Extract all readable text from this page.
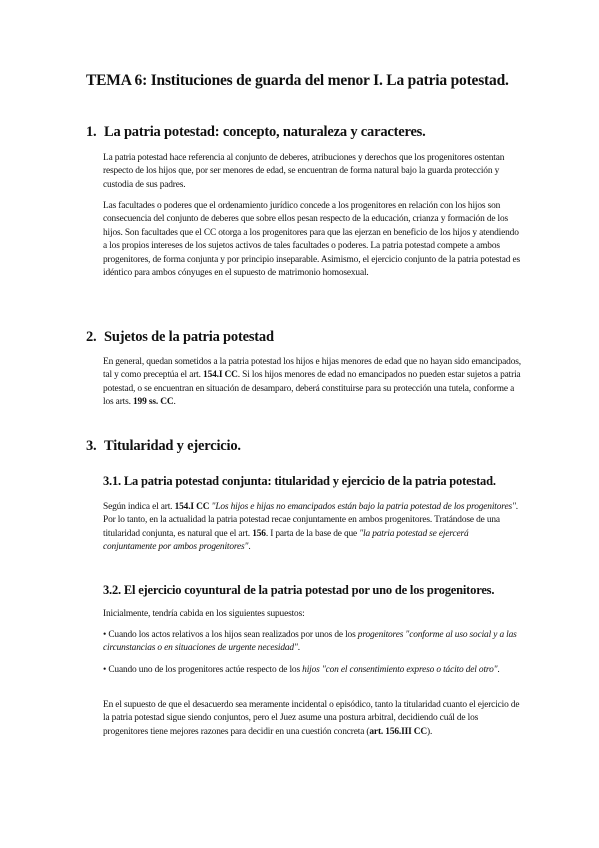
TEMA 6: Instituciones de guarda del menor I. La patria potestad.
1. La patria potestad: concepto, naturaleza y caracteres.

La patria potestad hace referencia al conjunto de deberes, atribuciones y derechos que los progenitores ostentan respecto de los hijos que, por ser menores de edad, se encuentran de forma natural bajo la guarda protección y custodia de sus padres.

Las facultades o poderes que el ordenamiento jurídico concede a los progenitores en relación con los hijos son consecuencia del conjunto de deberes que sobre ellos pesan respecto de la educación, crianza y formación de los hijos. Son facultades que el CC otorga a los progenitores para que las ejerzan en beneficio de los hijos y atendiendo a los propios intereses de los sujetos activos de tales facultades o poderes. La patria potestad compete a ambos progenitores, de forma conjunta y por principio inseparable. Asimismo, el ejercicio conjunto de la patria potestad es idéntico para ambos cónyuges en el supuesto de matrimonio homosexual.

2. Sujetos de la patria potestad

En general, quedan sometidos a la patria potestad los hijos e hijas menores de edad que no hayan sido emancipados, tal y como preceptúa el art. 154.I CC. Si los hijos menores de edad no emancipados no pueden estar sujetos a patria potestad, o se encuentran en situación de desamparo, deberá constituirse para su protección una tutela, conforme a los arts. 199 ss. CC.

3. Titularidad y ejercicio.
3.1. La patria potestad conjunta: titularidad y ejercicio de la patria potestad.

Según indica el art. 154.I CC "Los hijos e hijas no emancipados están bajo la patria potestad de los progenitores". Por lo tanto, en la actualidad la patria potestad recae conjuntamente en ambos progenitores. Tratándose de una titularidad conjunta, es natural que el art. 156. I parta de la base de que "la patria potestad se ejercerá conjuntamente por ambos progenitores".

3.2. El ejercicio coyuntural de la patria potestad por uno de los progenitores.

Inicialmente, tendría cabida en los siguientes supuestos:

• Cuando los actos relativos a los hijos sean realizados por unos de los progenitores "conforme al uso social y a las circunstancias o en situaciones de urgente necesidad".

• Cuando uno de los progenitores actúe respecto de los hijos "con el consentimiento expreso o tácito del otro".

En el supuesto de que el desacuerdo sea meramente incidental o episódico, tanto la titularidad cuanto el ejercicio de la patria potestad sigue siendo conjuntos, pero el Juez asume una postura arbitral, decidiendo cuál de los progenitores tiene mejores razones para decidir en una cuestión concreta (art. 156.III CC).
